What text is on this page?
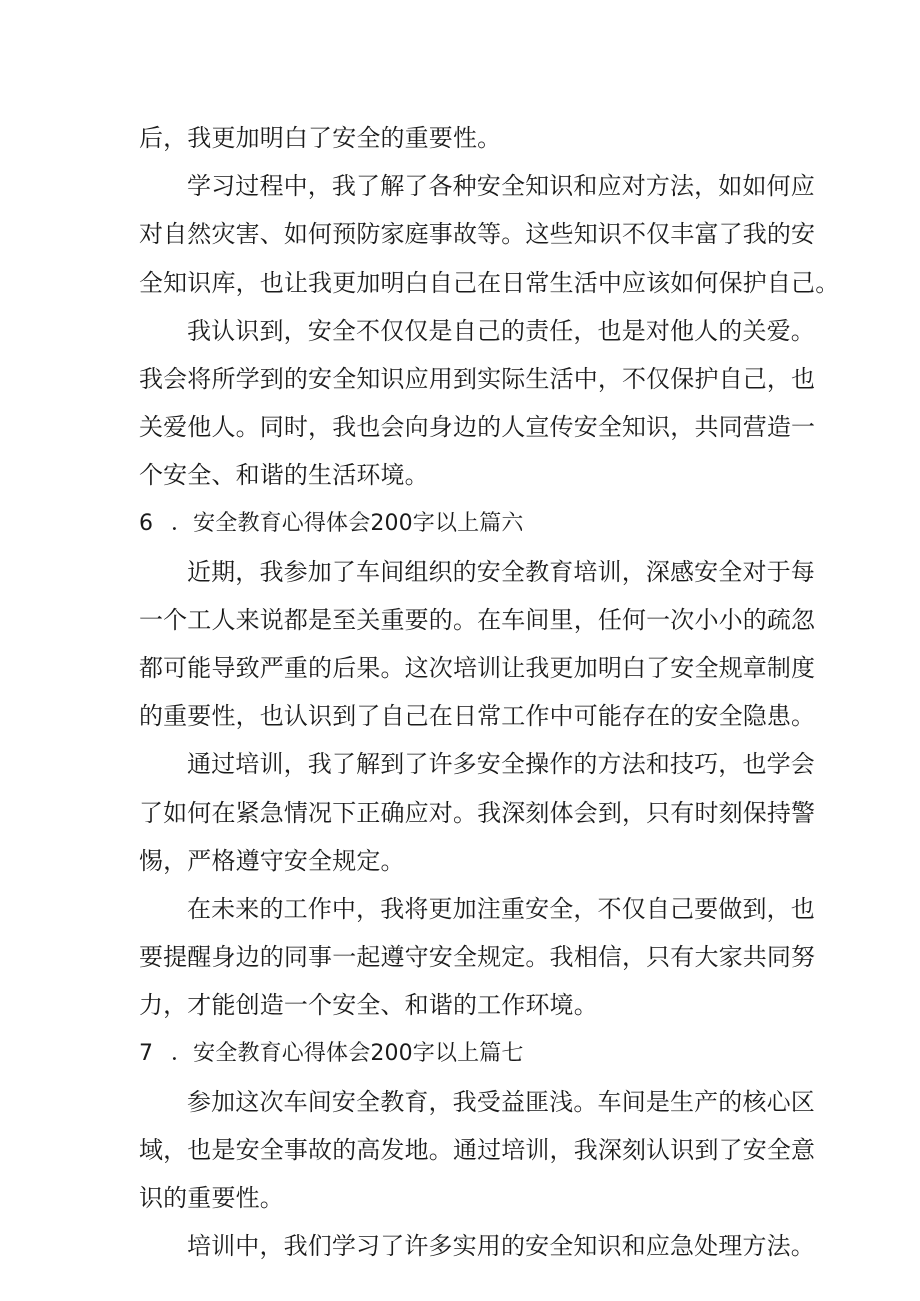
后，我更加明白了安全的重要性。
学习过程中，我了解了各种安全知识和应对方法，如如何应
对自然灾害、如何预防家庭事故等。这些知识不仅丰富了我的安
全知识库，也让我更加明白自己在日常生活中应该如何保护自己。
我认识到，安全不仅仅是自己的责任，也是对他人的关爱。
我会将所学到的安全知识应用到实际生活中，不仅保护自己，也
关爱他人。同时，我也会向身边的人宣传安全知识，共同营造一
个安全、和谐的生活环境。
6 ．安全教育心得体会200字以上篇六
近期，我参加了车间组织的安全教育培训，深感安全对于每
一个工人来说都是至关重要的。在车间里，任何一次小小的疏忽
都可能导致严重的后果。这次培训让我更加明白了安全规章制度
的重要性，也认识到了自己在日常工作中可能存在的安全隐患。
通过培训，我了解到了许多安全操作的方法和技巧，也学会
了如何在紧急情况下正确应对。我深刻体会到，只有时刻保持警
惕，严格遵守安全规定。
在未来的工作中，我将更加注重安全，不仅自己要做到，也
要提醒身边的同事一起遵守安全规定。我相信，只有大家共同努
力，才能创造一个安全、和谐的工作环境。
7 ．安全教育心得体会200字以上篇七
参加这次车间安全教育，我受益匪浅。车间是生产的核心区
域，也是安全事故的高发地。通过培训，我深刻认识到了安全意
识的重要性。
培训中，我们学习了许多实用的安全知识和应急处理方法。
